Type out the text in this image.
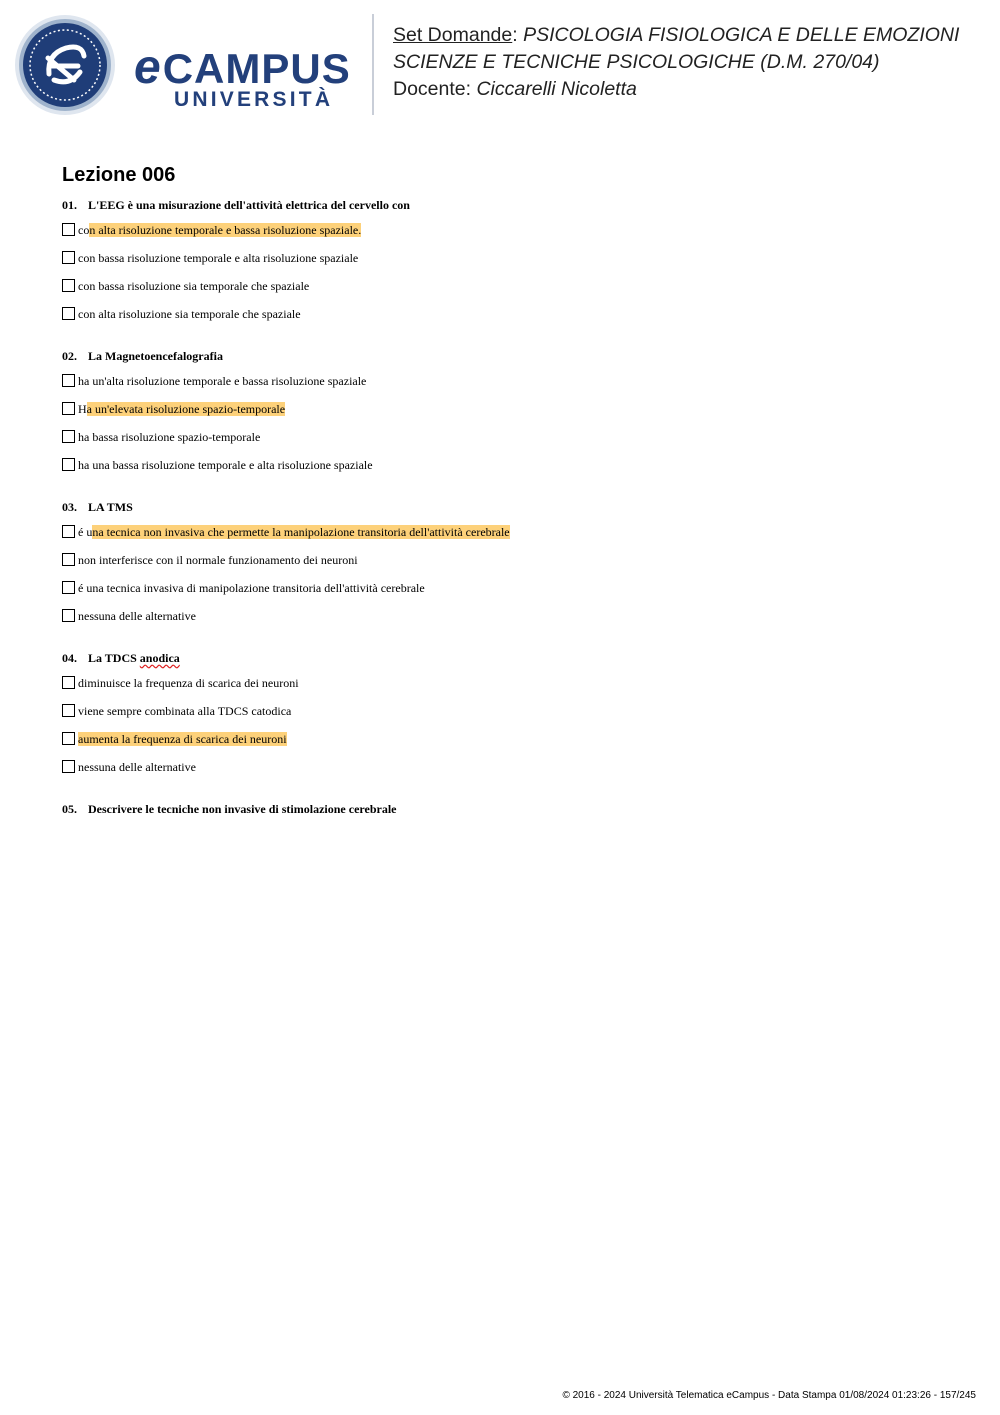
eCAMPUS
UNIVERSITÀ
Set Domande: PSICOLOGIA FISIOLOGICA E DELLE EMOZIONI
SCIENZE E TECNICHE PSICOLOGICHE (D.M. 270/04)
Docente: Ciccarelli Nicoletta
Lezione 006
01. L'EEG è una misurazione dell'attività elettrica del cervello con
con alta risoluzione temporale e bassa risoluzione spaziale.
con bassa risoluzione temporale e alta risoluzione spaziale
con bassa risoluzione sia temporale che spaziale
con alta risoluzione sia temporale che spaziale
02. La Magnetoencefalografia
ha un'alta risoluzione temporale e bassa risoluzione spaziale
Ha un'elevata risoluzione spazio-temporale
ha bassa risoluzione spazio-temporale
ha una bassa risoluzione temporale e alta risoluzione spaziale
03. LA TMS
é una tecnica non invasiva che permette la manipolazione transitoria dell'attività cerebrale
non interferisce con il normale funzionamento dei neuroni
é una tecnica invasiva di manipolazione transitoria dell'attività cerebrale
nessuna delle alternative
04. La TDCS anodica
diminuisce la frequenza di scarica dei neuroni
viene sempre combinata alla TDCS catodica
aumenta la frequenza di scarica dei neuroni
nessuna delle alternative
05. Descrivere le tecniche non invasive di stimolazione cerebrale
© 2016 - 2024 Università Telematica eCampus - Data Stampa 01/08/2024 01:23:26 - 157/245
